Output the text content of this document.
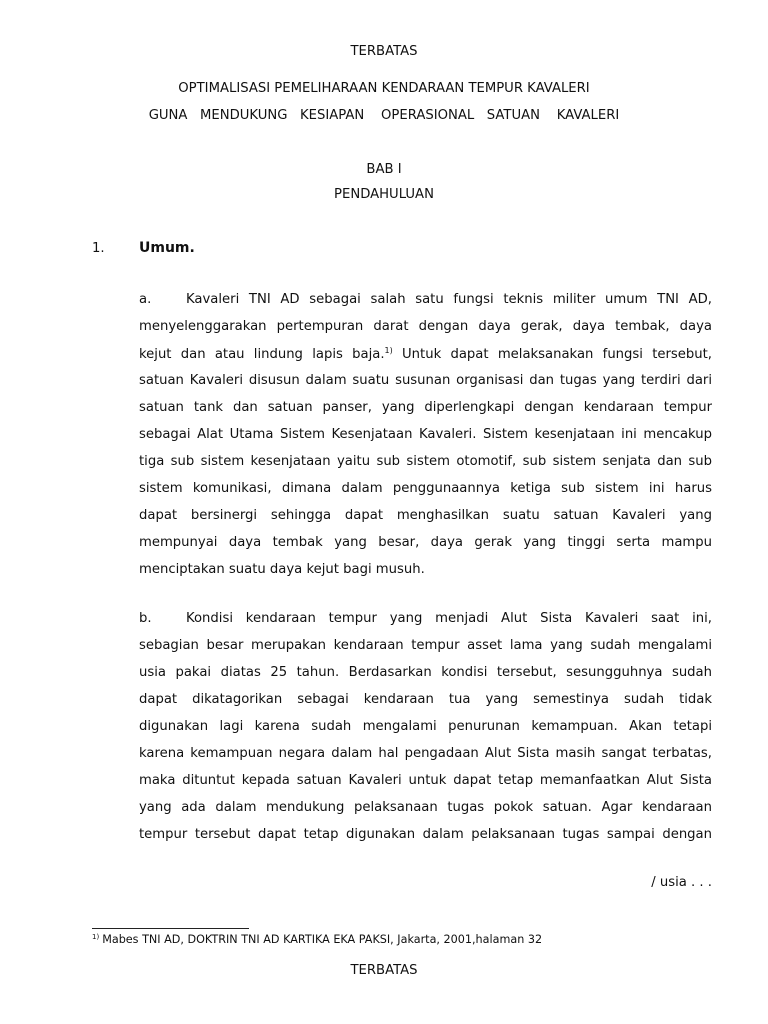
TERBATAS
OPTIMALISASI PEMELIHARAAN KENDARAAN TEMPUR KAVALERI
GUNA   MENDUKUNG   KESIAPAN    OPERASIONAL   SATUAN    KAVALERI
BAB I
PENDAHULUAN
1. Umum.
a.	Kavaleri TNI AD sebagai salah satu fungsi teknis militer umum TNI AD,
menyelenggarakan pertempuran darat dengan daya gerak, daya tembak, daya
kejut dan atau lindung lapis baja.$^{1)}$ Untuk dapat melaksanakan fungsi tersebut,
satuan Kavaleri disusun dalam suatu susunan organisasi dan tugas yang terdiri dari
satuan tank dan satuan panser, yang diperlengkapi dengan kendaraan tempur
sebagai Alat Utama Sistem Kesenjataan Kavaleri. Sistem kesenjataan ini mencakup
tiga sub sistem kesenjataan yaitu sub sistem otomotif, sub sistem senjata dan sub
sistem komunikasi, dimana dalam penggunaannya ketiga sub sistem ini harus
dapat bersinergi sehingga dapat menghasilkan suatu satuan Kavaleri yang
mempunyai daya tembak yang besar, daya gerak yang tinggi serta mampu
menciptakan suatu daya kejut bagi musuh.
b.	Kondisi kendaraan tempur yang menjadi Alut Sista Kavaleri saat ini,
sebagian besar merupakan kendaraan tempur asset lama yang sudah mengalami
usia pakai diatas 25 tahun. Berdasarkan kondisi tersebut, sesungguhnya sudah
dapat dikatagorikan sebagai kendaraan tua yang semestinya sudah tidak
digunakan lagi karena sudah mengalami penurunan kemampuan. Akan tetapi
karena kemampuan negara dalam hal pengadaan Alut Sista masih sangat terbatas,
maka dituntut kepada satuan Kavaleri untuk dapat tetap memanfaatkan Alut Sista
yang ada dalam mendukung pelaksanaan tugas pokok satuan. Agar kendaraan
tempur tersebut dapat tetap digunakan dalam pelaksanaan tugas sampai dengan
/ usia . . .
$^{1)}$ Mabes TNI AD, DOKTRIN TNI AD KARTIKA EKA PAKSI, Jakarta, 2001,halaman 32
TERBATAS
